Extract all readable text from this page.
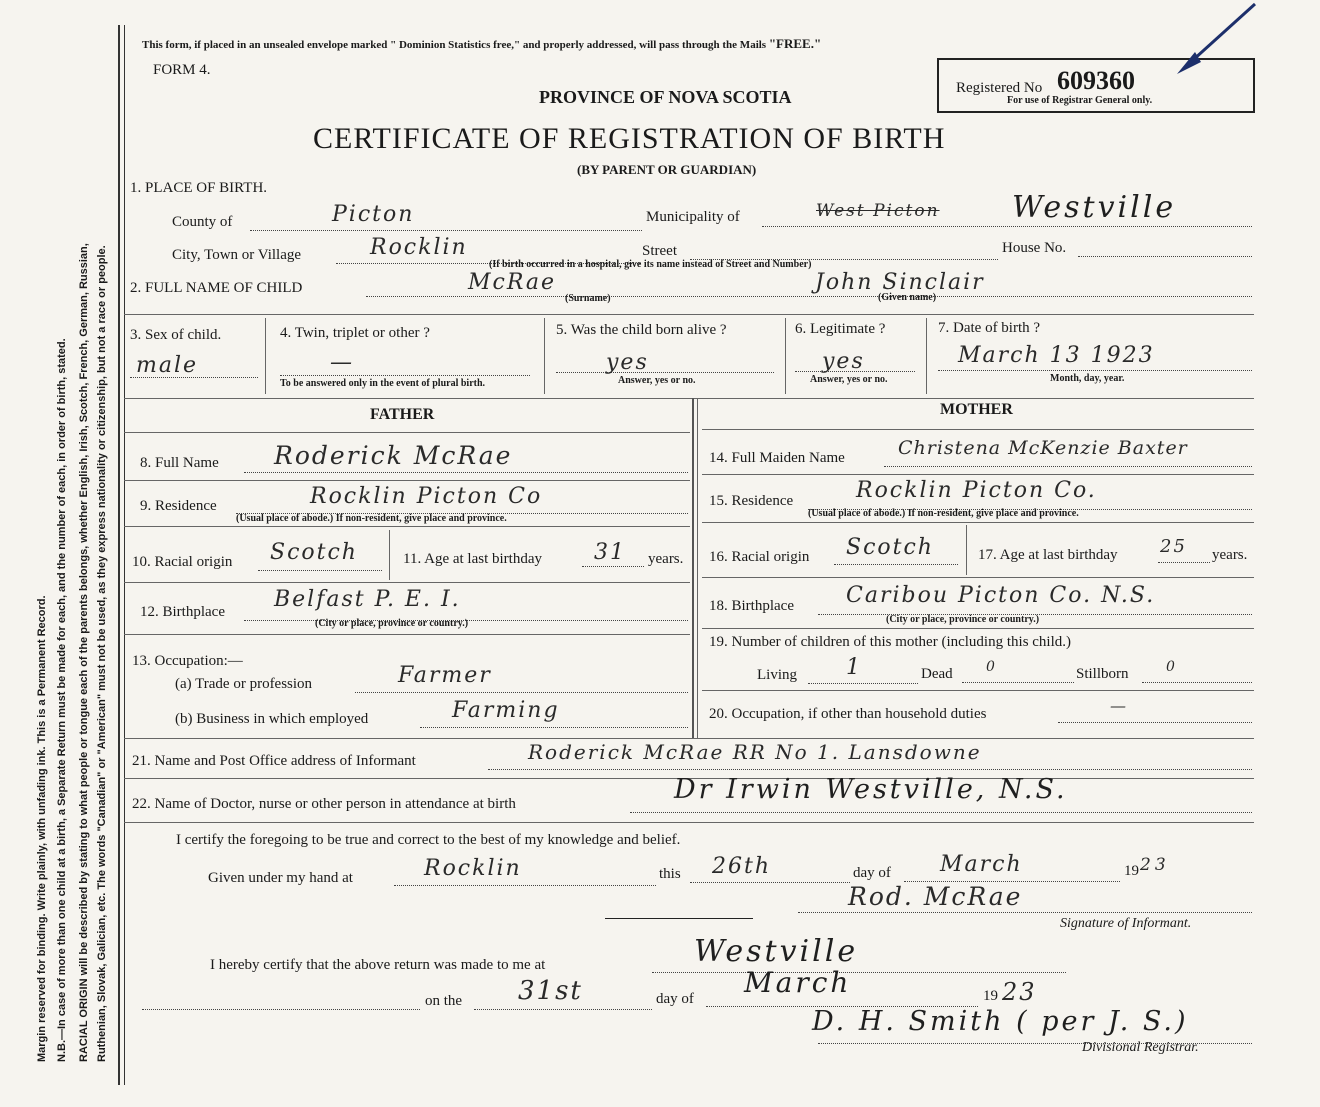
Margin reserved for binding. Write plainly, with unfading ink. This is a Permanent Record. N.B.—In case of more than one child at a birth, a Separate Return must be made for each, and the number of each, in order of birth, stated. RACIAL ORIGIN will be described by stating to what people or tongue each of the parents belongs, whether English, Irish, Scotch, French, German, Russian, Ruthenian, Slovak, Galician, etc. The words "Canadian" or "American" must not be used, as they express nationality or citizenship, but not a race or people.
This form, if placed in an unsealed envelope marked " Dominion Statistics free," and properly addressed, will pass through the Mails "FREE."
FORM 4.
PROVINCE OF NOVA SCOTIA	Registered No 609360
For use of Registrar General only.
CERTIFICATE OF REGISTRATION OF BIRTH
(BY PARENT OR GUARDIAN)
1. PLACE OF BIRTH.
County of	Picton	Municipality of	West Picton Westville
City, Town or Village	Rocklin	Street	House No.
(If birth occurred in a hospital, give its name instead of Street and Number)
2. FULL NAME OF CHILD	McRae
(Surname)
John Sinclair
(Given name)
3. Sex of child.
male
4. Twin, triplet or other ?
—
To be answered only in the event of plural birth.
5. Was the child born alive ?
yes
Answer, yes or no.
6. Legitimate ?
yes
Answer, yes or no.
7. Date of birth ?
March 13 1923
Month, day, year.
FATHER
8. Full Name Roderick McRae
9. Residence	Rocklin Picton Co
(Usual place of abode.) If non-resident, give place and province.
10. Racial origin Scotch	11. Age at last birthday 31 years.
12. Birthplace Belfast P. E. I.
(City or place, province or country.)
13. Occupation:—
(a) Trade or profession	Farmer
(b) Business in which employed	Farming
MOTHER
14. Full Maiden Name	Christena McKenzie Baxter
15. Residence	Rocklin Picton Co.
(Usual place of abode.) If non-resident, give place and province.
16. Racial origin Scotch	17. Age at last birthday 25 years.
18. Birthplace Caribou Picton Co. N.S.
(City or place, province or country.)
19. Number of children of this mother (including this child.)
Living 1	Dead 0	Stillborn	0
20. Occupation, if other than household duties	—
21. Name and Post Office address of Informant	Roderick McRae RR No 1. Lansdowne
22. Name of Doctor, nurse or other person in attendance at birth	Dr Irwin Westville, N.S.
I certify the foregoing to be true and correct to the best of my knowledge and belief.
Given under my hand at	Rocklin	this 26th	day of March	19 23
Rod. McRae
Signature of Informant.
I hereby certify that the above return was made to me at	Westville
on the 31st	day of March	19 23
D. H. Smith ( per J. S.)
Divisional Registrar.
